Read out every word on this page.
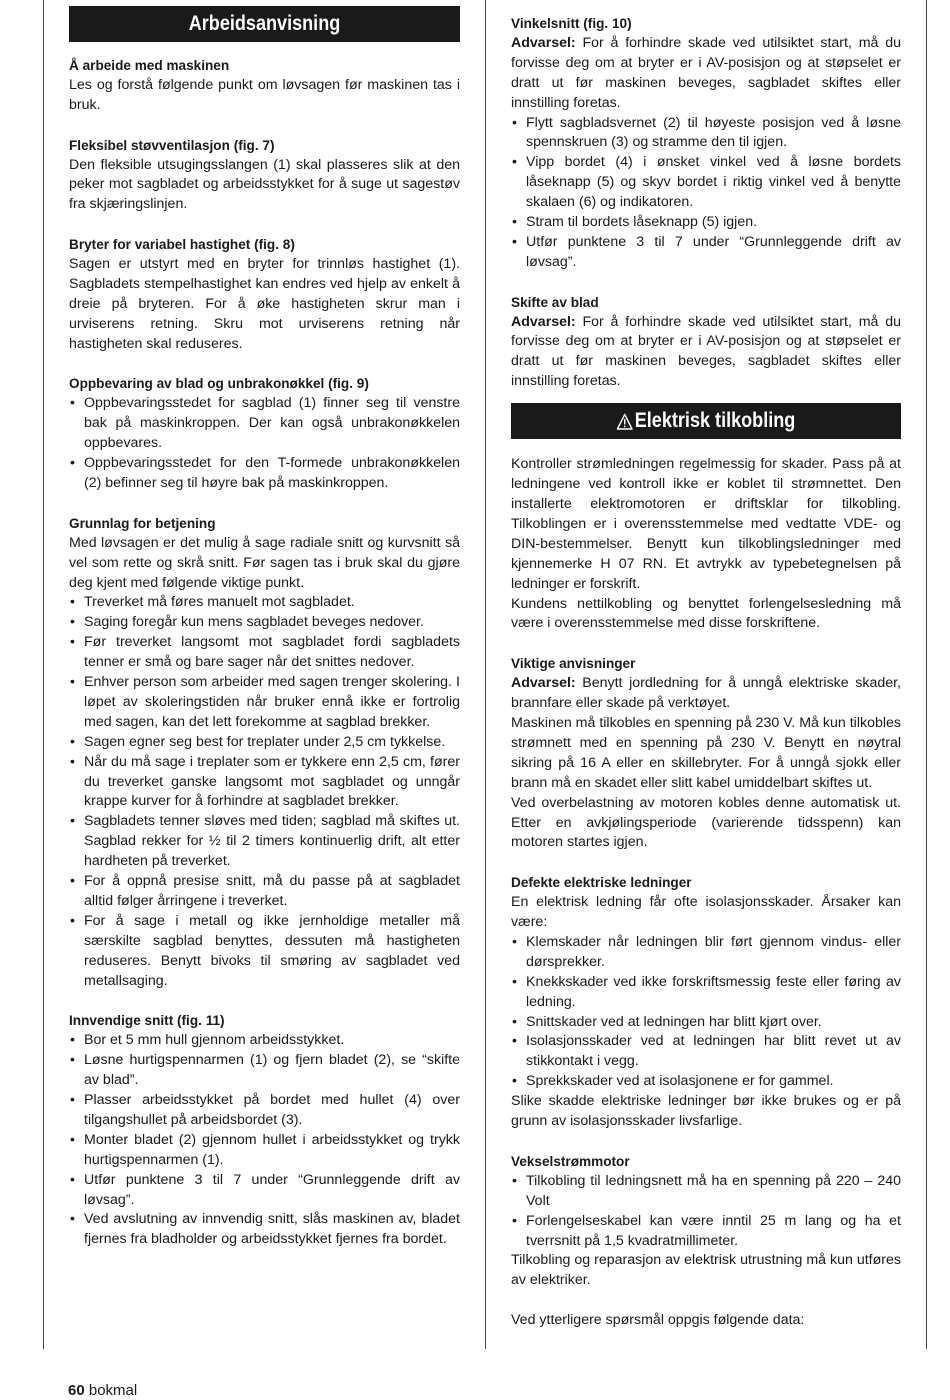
Arbeidsanvisning

Å arbeide med maskinen

Les og forstå følgende punkt om løvsagen før maskinen tas i bruk.

Fleksibel støvventilasjon (fig. 7)

Den fleksible utsugingsslangen (1) skal plasseres slik at den peker mot sagbladet og arbeidsstykket for å suge ut sagestøv fra skjæringslinjen.

Bryter for variabel hastighet (fig. 8)

Sagen er utstyrt med en bryter for trinnløs hastighet (1). Sagbladets stempelhastighet kan endres ved hjelp av enkelt å dreie på bryteren. For å øke hastigheten skrur man i urviserens retning. Skru mot urviserens retning når hastigheten skal reduseres.

Oppbevaring av blad og unbrakonøkkel (fig. 9)

• Oppbevaringsstedet for sagblad (1) finner seg til venstre bak på maskinkroppen. Der kan også unbrakonøkkelen oppbevares.
• Oppbevaringsstedet for den T-formede unbrakonøkkelen (2) befinner seg til høyre bak på maskinkroppen.

Grunnlag for betjening

Med løvsagen er det mulig å sage radiale snitt og kurvsnitt så vel som rette og skrå snitt. Før sagen tas i bruk skal du gjøre deg kjent med følgende viktige punkt.

• Treverket må føres manuelt mot sagbladet.
• Saging foregår kun mens sagbladet beveges nedover.
• Før treverket langsomt mot sagbladet fordi sagbladets tenner er små og bare sager når det snittes nedover.
• Enhver person som arbeider med sagen trenger skolering. I løpet av skoleringstiden når bruker ennå ikke er fortrolig med sagen, kan det lett forekomme at sagblad brekker.
• Sagen egner seg best for treplater under 2,5 cm tykkelse.
• Når du må sage i treplater som er tykkere enn 2,5 cm, fører du treverket ganske langsomt mot sagbladet og unngår krappe kurver for å forhindre at sagbladet brekker.
• Sagbladets tenner sløves med tiden; sagblad må skiftes ut. Sagblad rekker for ½ til 2 timers kontinuerlig drift, alt etter hardheten på treverket.
• For å oppnå presise snitt, må du passe på at sagbladet alltid følger årringene i treverket.
• For å sage i metall og ikke jernholdige metaller må særskilte sagblad benyttes, dessuten må hastigheten reduseres. Benytt bivoks til smøring av sagbladet ved metallsaging.

Innvendige snitt (fig. 11)

• Bor et 5 mm hull gjennom arbeidsstykket.
• Løsne hurtigspennarmen (1) og fjern bladet (2), se “skifte av blad”.
• Plasser arbeidsstykket på bordet med hullet (4) over tilgangshullet på arbeidsbordet (3).
• Monter bladet (2) gjennom hullet i arbeidsstykket og trykk hurtigspennarmen (1).
• Utfør punktene 3 til 7 under “Grunnleggende drift av løvsag”.
• Ved avslutning av innvendig snitt, slås maskinen av, bladet fjernes fra bladholder og arbeidsstykket fjernes fra bordet.

Vinkelsnitt (fig. 10)

Advarsel: For å forhindre skade ved utilsiktet start, må du forvisse deg om at bryter er i AV-posisjon og at støpselet er dratt ut før maskinen beveges, sagbladet skiftes eller innstilling foretas.

• Flytt sagbladsvernet (2) til høyeste posisjon ved å løsne spennskruen (3) og stramme den til igjen.
• Vipp bordet (4) i ønsket vinkel ved å løsne bordets låseknapp (5) og skyv bordet i riktig vinkel ved å benytte skalaen (6) og indikatoren.
• Stram til bordets låseknapp (5) igjen.
• Utfør punktene 3 til 7 under “Grunnleggende drift av løvsag”.

Skifte av blad

Advarsel: For å forhindre skade ved utilsiktet start, må du forvisse deg om at bryter er i AV-posisjon og at støpselet er dratt ut før maskinen beveges, sagbladet skiftes eller innstilling foretas.

Elektrisk tilkobling

Kontroller strømledningen regelmessig for skader. Pass på at ledningene ved kontroll ikke er koblet til strømnettet. Den installerte elektromotoren er driftsklar for tilkobling. Tilkoblingen er i overensstemmelse med vedtatte VDE- og DIN-bestemmelser. Benytt kun tilkoblingsledninger med kjennemerke H 07 RN. Et avtrykk av typebetegnelsen på ledninger er forskrift.

Kundens nettilkobling og benyttet forlengelsesledning må være i overensstemmelse med disse forskriftene.

Viktige anvisninger

Advarsel: Benytt jordledning for å unngå elektriske skader, brannfare eller skade på verktøyet.

Maskinen må tilkobles en spenning på 230 V. Må kun tilkobles strømnett med en spenning på 230 V. Benytt en nøytral sikring på 16 A eller en skillebryter. For å unngå sjokk eller brann må en skadet eller slitt kabel umiddelbart skiftes ut.

Ved overbelastning av motoren kobles denne automatisk ut. Etter en avkjølingsperiode (varierende tidsspenn) kan motoren startes igjen.

Defekte elektriske ledninger

En elektrisk ledning får ofte isolasjonsskader. Årsaker kan være:

• Klemskader når ledningen blir ført gjennom vindus- eller dørsprekker.
• Knekkskader ved ikke forskriftsmessig feste eller føring av ledning.
• Snittskader ved at ledningen har blitt kjørt over.
• Isolasjonsskader ved at ledningen har blitt revet ut av stikkontakt i vegg.
• Sprekkskader ved at isolasjonene er for gammel.

Slike skadde elektriske ledninger bør ikke brukes og er på grunn av isolasjonsskader livsfarlige.

Vekselstrømmotor

• Tilkobling til ledningsnett må ha en spenning på 220 – 240 Volt
• Forlengelseskabel kan være inntil 25 m lang og ha et tverrsnitt på 1,5 kvadratmillimeter.

Tilkobling og reparasjon av elektrisk utrustning må kun utføres av elektriker.

Ved ytterligere spørsmål oppgis følgende data:

60 bokmal
